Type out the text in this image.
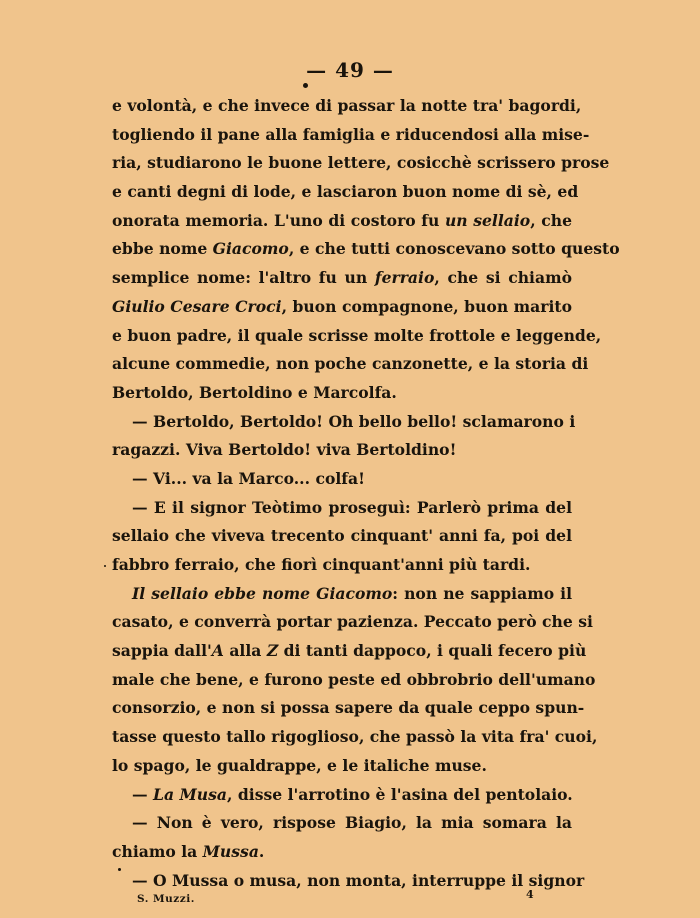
— 49 —
e volontà, e che invece di passar la notte tra' bagordi,
togliendo il pane alla famiglia e riducendosi alla mise-
ria, studiarono le buone lettere, cosicchè scrissero prose
e canti degni di lode, e lasciaron buon nome di sè, ed
onorata memoria. L'uno di costoro fu un sellaio, che
ebbe nome Giacomo, e che tutti conoscevano sotto questo
semplice nome: l'altro fu un ferraio, che si chiamò
Giulio Cesare Croci, buon compagnone, buon marito
e buon padre, il quale scrisse molte frottole e leggende,
alcune commedie, non poche canzonette, e la storia di
Bertoldo, Bertoldino e Marcolfa.
— Bertoldo, Bertoldo! Oh bello bello! sclamarono i
ragazzi. Viva Bertoldo! viva Bertoldino!
— Vi... va la Marco... colfa!
— E il signor Teòtimo proseguì: Parlerò prima del
sellaio che viveva trecento cinquant' anni fa, poi del
fabbro ferraio, che fiorì cinquant'anni più tardi.
Il sellaio ebbe nome Giacomo: non ne sappiamo il
casato, e converrà portar pazienza. Peccato però che si
sappia dall'A alla Z di tanti dappoco, i quali fecero più
male che bene, e furono peste ed obbrobrio dell'umano
consorzio, e non si possa sapere da quale ceppo spun-
tasse questo tallo rigoglioso, che passò la vita fra' cuoi,
lo spago, le gualdrappe, e le italiche muse.
— La Musa, disse l'arrotino è l'asina del pentolaio.
— Non è vero, rispose Biagio, la mia somara la
chiamo la Mussa.
— O Mussa o musa, non monta, interruppe il signor
S. Muzzi.	4
